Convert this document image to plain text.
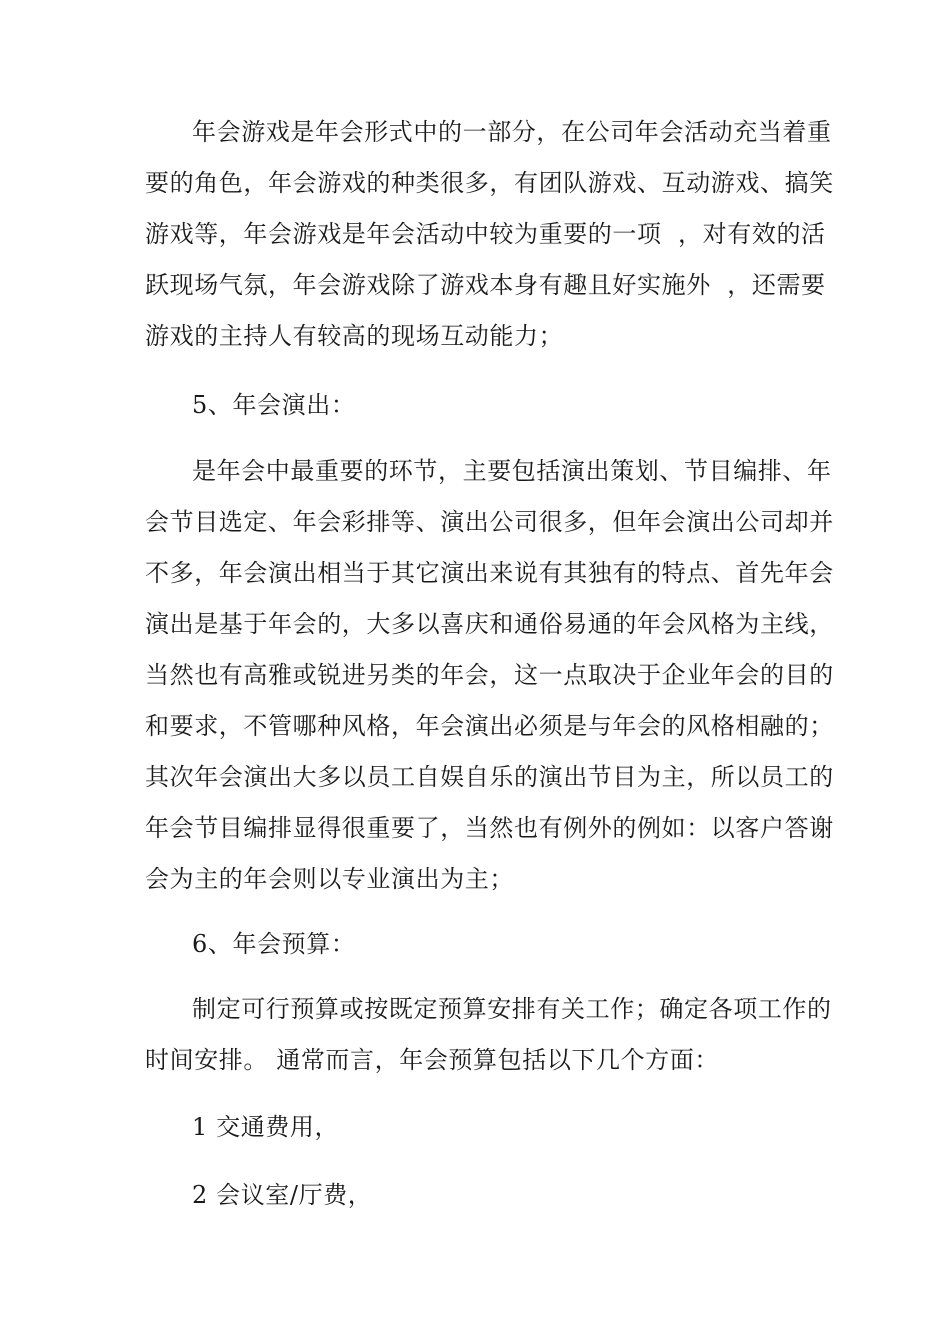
年会游戏是年会形式中的一部分，在公司年会活动充当着重
要的角色，年会游戏的种类很多，有团队游戏、互动游戏、搞笑
游戏等，年会游戏是年会活动中较为重要的一项  ，对有效的活
跃现场气氛，年会游戏除了游戏本身有趣且好实施外  ，还需要
游戏的主持人有较高的现场互动能力；
5、年会演出：
是年会中最重要的环节，主要包括演出策划、节目编排、年
会节目选定、年会彩排等、演出公司很多，但年会演出公司却并
不多，年会演出相当于其它演出来说有其独有的特点、首先年会
演出是基于年会的，大多以喜庆和通俗易通的年会风格为主线，
当然也有高雅或锐进另类的年会，这一点取决于企业年会的目的
和要求，不管哪种风格，年会演出必须是与年会的风格相融的；
其次年会演出大多以员工自娱自乐的演出节目为主，所以员工的
年会节目编排显得很重要了，当然也有例外的例如：以客户答谢
会为主的年会则以专业演出为主；
6、年会预算：
制定可行预算或按既定预算安排有关工作；确定各项工作的
时间安排。 通常而言，年会预算包括以下几个方面：
1 交通费用，
2 会议室/厅费，
